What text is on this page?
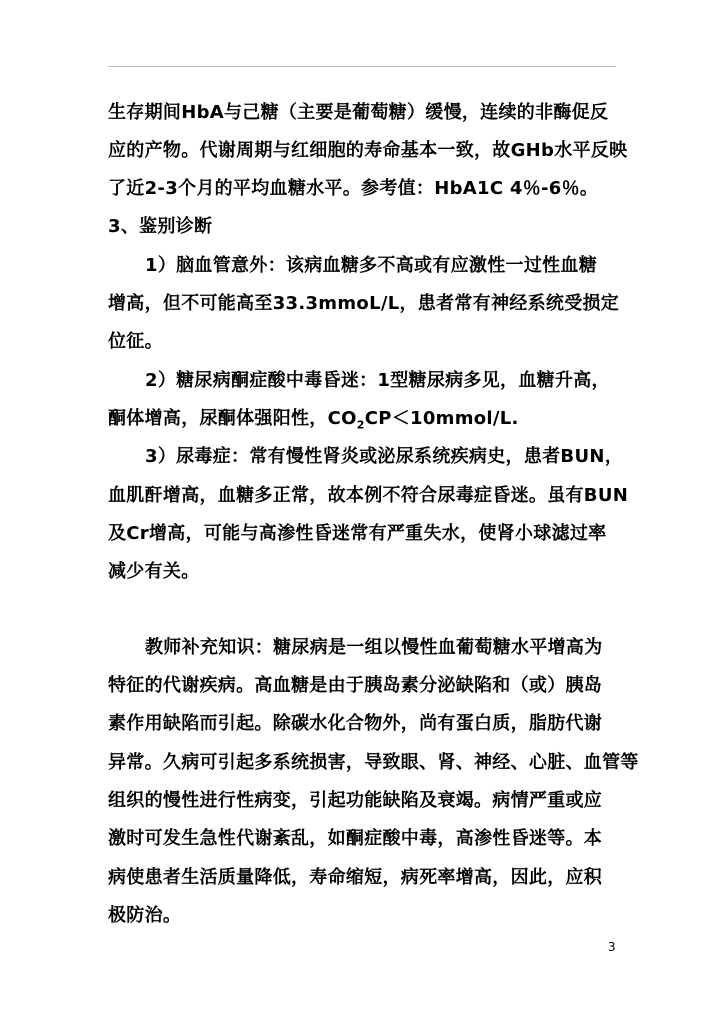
生存期间HbA与己糖（主要是葡萄糖）缓慢，连续的非酶促反
应的产物。代谢周期与红细胞的寿命基本一致，故GHb水平反映
了近2-3个月的平均血糖水平。参考值：HbA1C 4％-6％。
3、鉴别诊断
1）脑血管意外：该病血糖多不高或有应激性一过性血糖
增高，但不可能高至33.3mmoL/L，患者常有神经系统受损定
位征。
2）糖尿病酮症酸中毒昏迷：1型糖尿病多见，血糖升高，
酮体增高，尿酮体强阳性，$CO_2CP<10mmol/L$.
3）尿毒症：常有慢性肾炎或泌尿系统疾病史，患者BUN，
血肌酐增高，血糖多正常，故本例不符合尿毒症昏迷。虽有BUN
及Cr增高，可能与高渗性昏迷常有严重失水，使肾小球滤过率
减少有关。
教师补充知识：糖尿病是一组以慢性血葡萄糖水平增高为
特征的代谢疾病。高血糖是由于胰岛素分泌缺陷和（或）胰岛
素作用缺陷而引起。除碳水化合物外，尚有蛋白质，脂肪代谢
异常。久病可引起多系统损害，导致眼、肾、神经、心脏、血管等
组织的慢性进行性病变，引起功能缺陷及衰竭。病情严重或应
激时可发生急性代谢紊乱，如酮症酸中毒，高渗性昏迷等。本
病使患者生活质量降低，寿命缩短，病死率增高，因此，应积
极防治。
3
